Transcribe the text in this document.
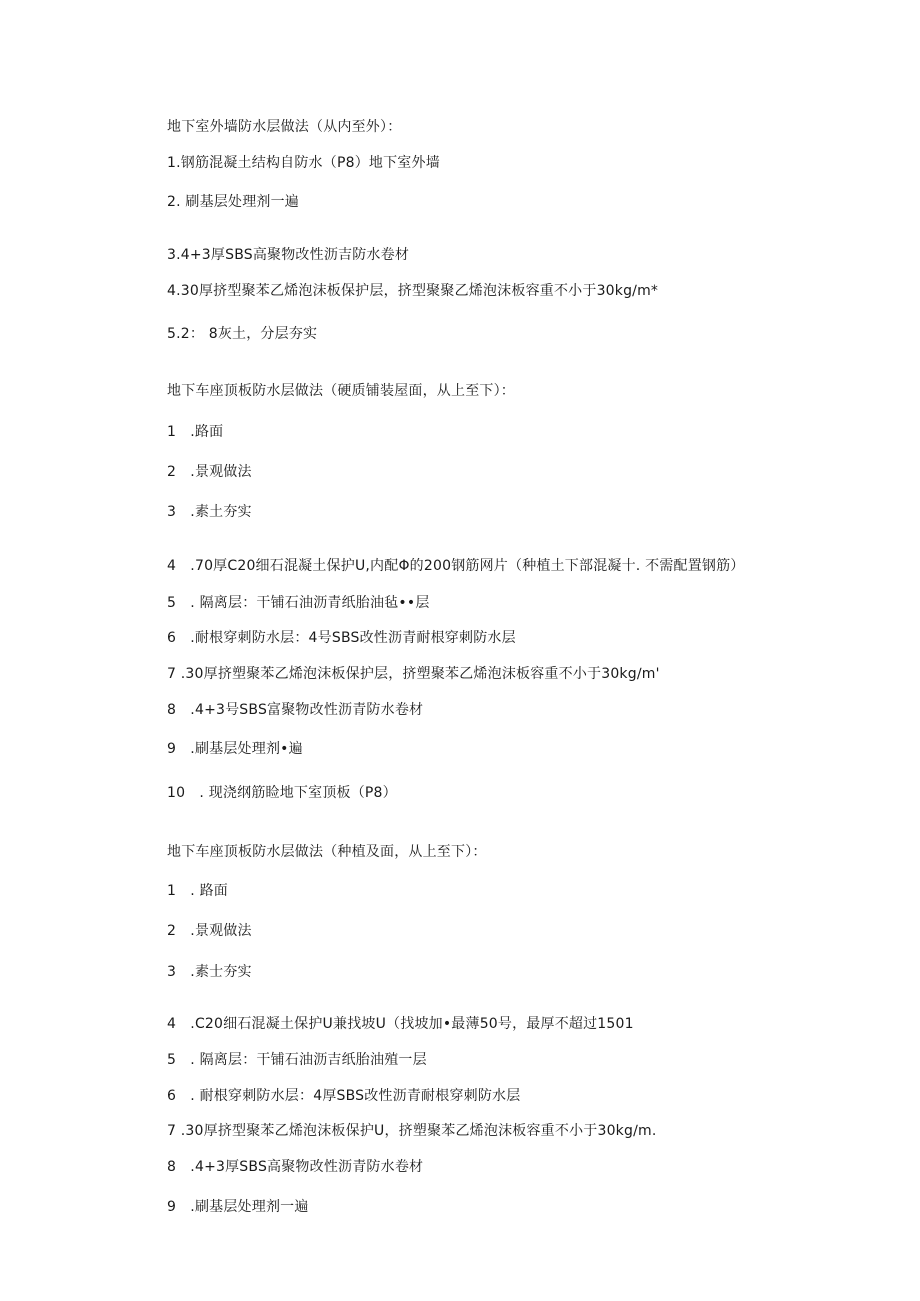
地下室外墙防水层做法（从内至外）：
1.钢筋混凝土结构自防水（P8）地下室外墙
2. 刷基层处理剂一遍
3.4+3厚SBS高聚物改性沥吉防水卷材
4.30厚挤型聚苯乙烯泡沫板保护层，挤型聚聚乙烯泡沫板容重不小于30kg∕m*
5.2： 8灰土，分层夯实
地下车座顶板防水层做法（硬质铺装屋面，从上至下）：
1　.路面
2　.景观做法
3　.素土夯实
4　.70厚C20细石混凝土保护U,内配Φ的200钢筋网片（种植土下部混凝十. 不需配置钢筋）
5　. 隔离层：干铺石油沥青纸胎油毡••层
6　.耐根穿刺防水层：4号SBS改性沥青耐根穿刺防水层
7 .30厚挤塑聚苯乙烯泡沫板保护层，挤塑聚苯乙烯泡沫板容重不小于30kg∕m'
8　.4+3号SBS富聚物改性沥青防水卷材
9　.刷基层处理剂•遍
10　. 现浇纲筋睑地下室顶板（P8）
地下车座顶板防水层做法（种植及面，从上至下）：
1　. 路面
2　.景观做法
3　.素士夯实
4　.C20细石混凝土保护U兼找坡U（找坡加•最薄50号，最厚不超过1501
5　. 隔离层：干铺石油沥吉纸胎油殖一层
6　. 耐根穿刺防水层：4厚SBS改性沥青耐根穿刺防水层
7 .30厚挤型聚苯乙烯泡沫板保护U，挤塑聚苯乙烯泡沫板容重不小于30kg∕m.
8　.4+3厚SBS高聚物改性沥青防水卷材
9　.刷基层处理剂一遍
